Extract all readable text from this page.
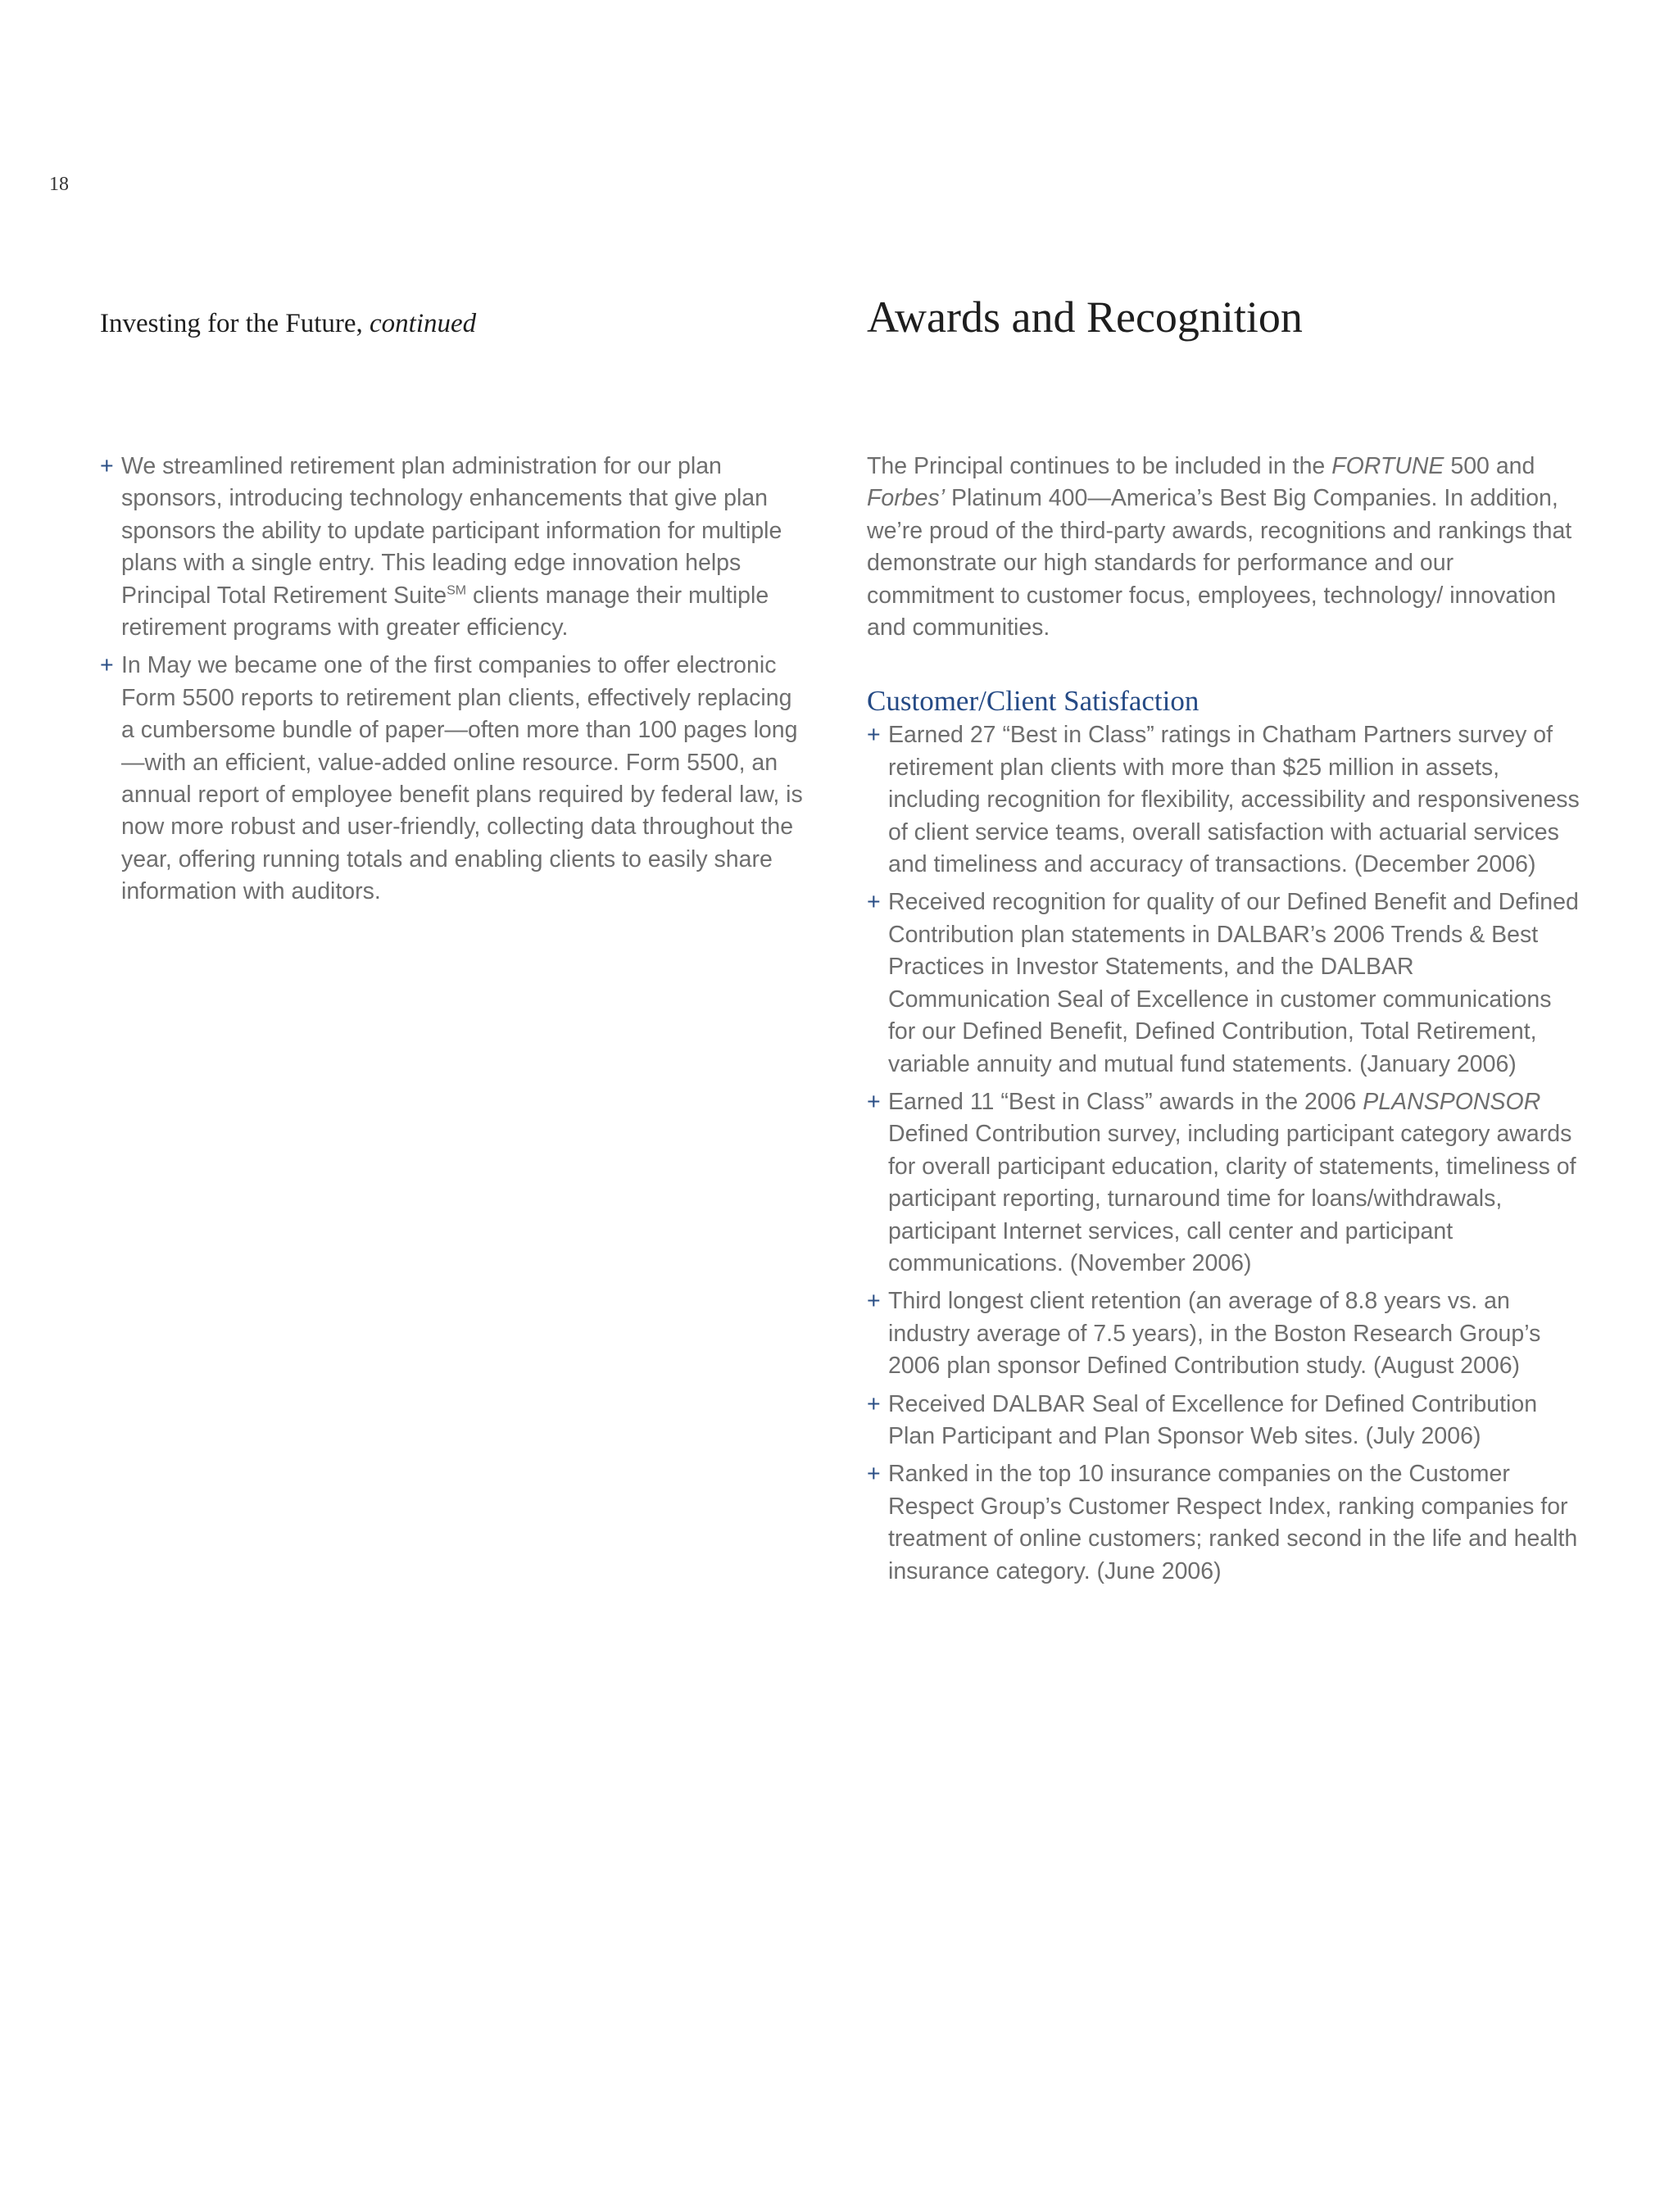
18
Investing for the Future, continued	Awards and Recognition
+ We streamlined retirement plan administration for our plan sponsors, introducing technology enhancements that give plan sponsors the ability to update participant information for multiple plans with a single entry. This leading edge innovation helps Principal Total Retirement Suite℠ clients manage their multiple retirement programs with greater efficiency.
+ In May we became one of the first companies to offer electronic Form 5500 reports to retirement plan clients, effectively replacing a cumbersome bundle of paper—often more than 100 pages long—with an efficient, value-added online resource. Form 5500, an annual report of employee benefit plans required by federal law, is now more robust and user-friendly, collecting data throughout the year, offering running totals and enabling clients to easily share information with auditors.

The Principal continues to be included in the FORTUNE 500 and Forbes’ Platinum 400—America’s Best Big Companies. In addition, we’re proud of the third-party awards, recognitions and rankings that demonstrate our high standards for performance and our commitment to customer focus, employees, technology/ innovation and communities.

Customer/Client Satisfaction
+ Earned 27 “Best in Class” ratings in Chatham Partners survey of retirement plan clients with more than $25 million in assets, including recognition for flexibility, accessibility and responsiveness of client service teams, overall satisfaction with actuarial services and timeliness and accuracy of transactions. (December 2006)
+ Received recognition for quality of our Defined Benefit and Defined Contribution plan statements in DALBAR’s 2006 Trends & Best Practices in Investor Statements, and the DALBAR Communication Seal of Excellence in customer communications for our Defined Benefit, Defined Contribution, Total Retirement, variable annuity and mutual fund statements. (January 2006)
+ Earned 11 “Best in Class” awards in the 2006 PLANSPONSOR Defined Contribution survey, including participant category awards for overall participant education, clarity of statements, timeliness of participant reporting, turnaround time for loans/withdrawals, participant Internet services, call center and participant communications. (November 2006)
+ Third longest client retention (an average of 8.8 years vs. an industry average of 7.5 years), in the Boston Research Group’s 2006 plan sponsor Defined Contribution study. (August 2006)
+ Received DALBAR Seal of Excellence for Defined Contribution Plan Participant and Plan Sponsor Web sites. (July 2006)
+ Ranked in the top 10 insurance companies on the Customer Respect Group’s Customer Respect Index, ranking companies for treatment of online customers; ranked second in the life and health insurance category. (June 2006)
